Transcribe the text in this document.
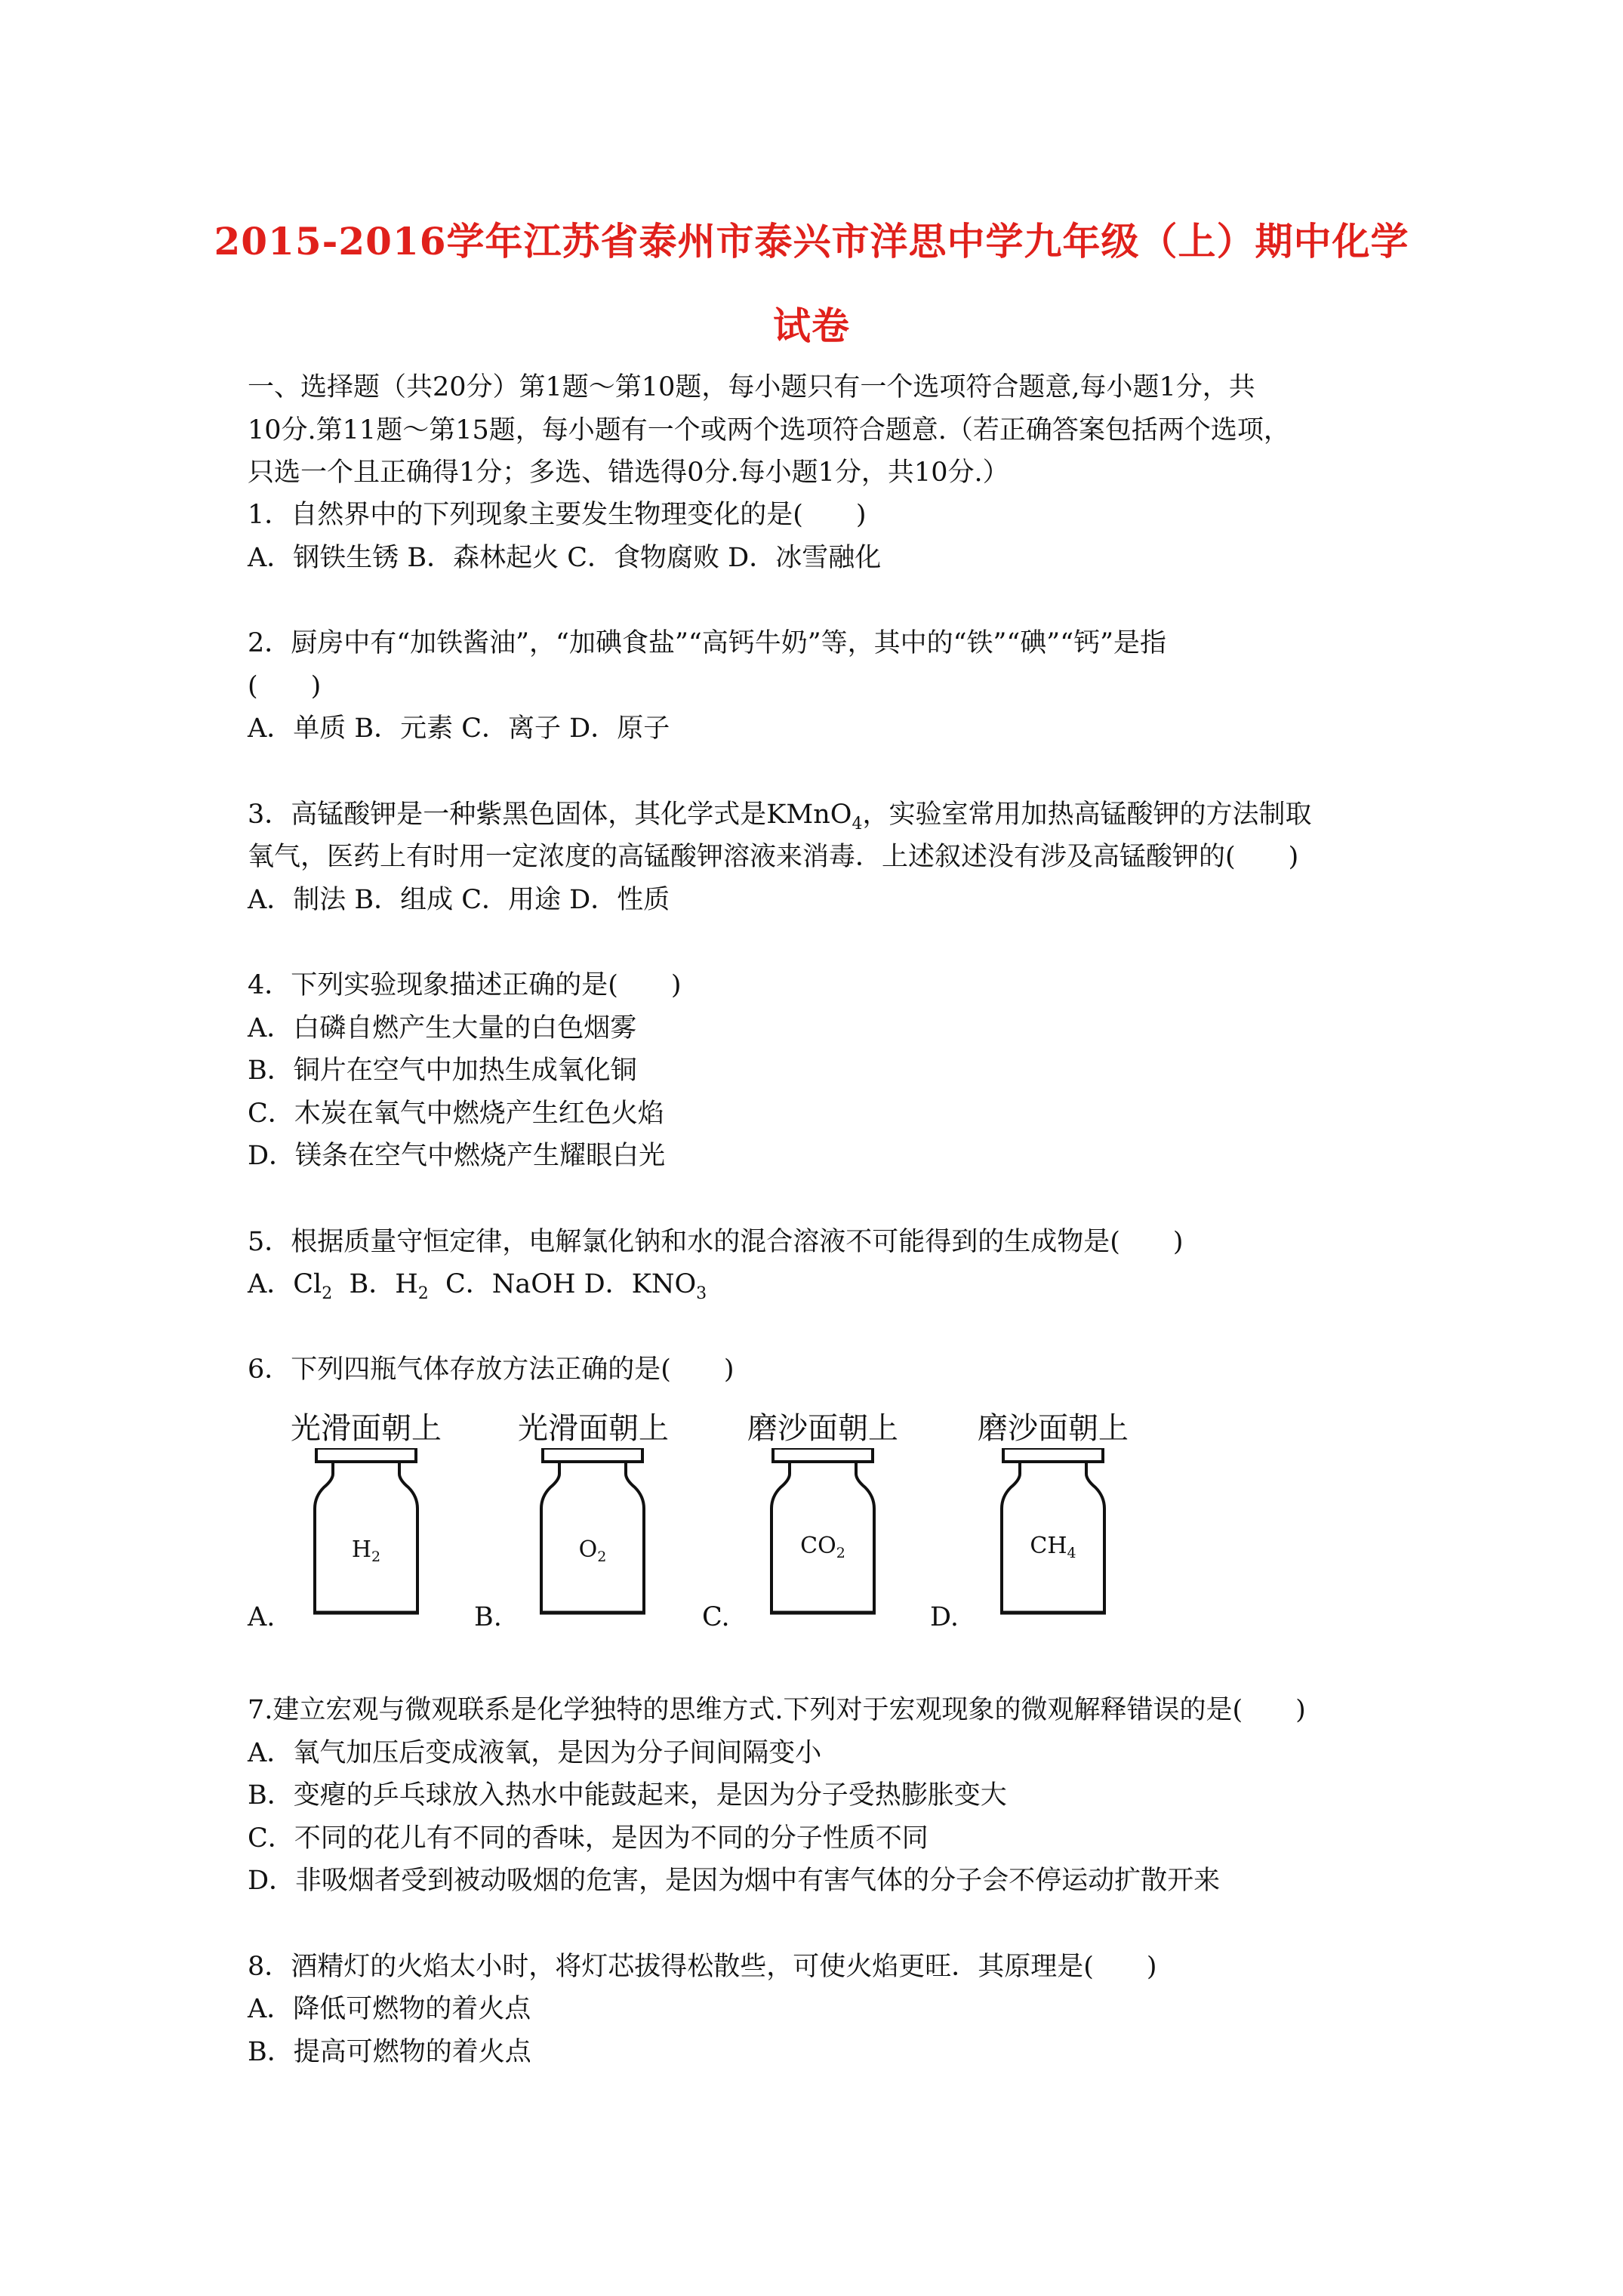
2015-2016学年江苏省泰州市泰兴市洋思中学九年级（上）期中化学
试卷
一、选择题（共20分）第1题～第10题，每小题只有一个选项符合题意,每小题1分，共
10分.第11题～第15题，每小题有一个或两个选项符合题意.（若正确答案包括两个选项，
只选一个且正确得1分；多选、错选得0分.每小题1分，共10分.）
1．自然界中的下列现象主要发生物理变化的是(　　)
A．钢铁生锈 B．森林起火 C．食物腐败 D．冰雪融化
2．厨房中有“加铁酱油”，“加碘食盐”“高钙牛奶”等，其中的“铁”“碘”“钙”是指
(　　)
A．单质 B．元素 C．离子 D．原子
3．高锰酸钾是一种紫黑色固体，其化学式是KMnO$_4$，实验室常用加热高锰酸钾的方法制取
氧气，医药上有时用一定浓度的高锰酸钾溶液来消毒．上述叙述没有涉及高锰酸钾的(　　)
A．制法 B．组成 C．用途 D．性质
4．下列实验现象描述正确的是(　　)
A．白磷自燃产生大量的白色烟雾
B．铜片在空气中加热生成氧化铜
C．木炭在氧气中燃烧产生红色火焰
D．镁条在空气中燃烧产生耀眼白光
5．根据质量守恒定律，电解氯化钠和水的混合溶液不可能得到的生成物是(　　)
A．$Cl_2$  B．$H_2$  C．NaOH D．$KNO_3$
6．下列四瓶气体存放方法正确的是(　　)
A.
光滑面朝上
$H_2$
B.
光滑面朝上
$O_2$
C.
磨沙面朝上
$CO_2$
D.
磨沙面朝上
$CH_4$
7.建立宏观与微观联系是化学独特的思维方式.下列对于宏观现象的微观解释错误的是(　　)
A．氧气加压后变成液氧，是因为分子间间隔变小
B．变瘪的乒乓球放入热水中能鼓起来，是因为分子受热膨胀变大
C．不同的花儿有不同的香味，是因为不同的分子性质不同
D．非吸烟者受到被动吸烟的危害，是因为烟中有害气体的分子会不停运动扩散开来
8．酒精灯的火焰太小时，将灯芯拔得松散些，可使火焰更旺．其原理是(　　)
A．降低可燃物的着火点
B．提高可燃物的着火点
